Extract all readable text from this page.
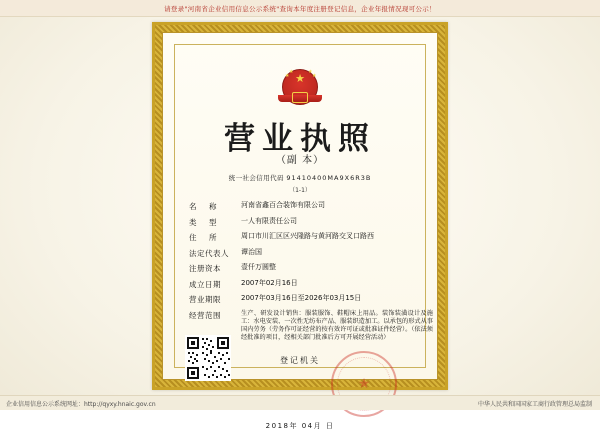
请登录"河南省企业信用信息公示系统"查询本年度注册登记信息，企业年报情况现可公示！
★
★
★	★
★
营业执照
（副 本）
统一社会信用代码 91410400MA9X6R3B
（1-1）
名　称	河南省鑫百合装饰有限公司
类　型	一人有限责任公司
住　所	周口市川汇区区兴隆路与黄河路交叉口路西
法定代表人	谭治国
注册资本	壹仟万圆整
成立日期	2007年02月16日
营业期限	2007年03月16日至2026年03月15日
经营范围	生产、研发设计销售：服装服饰、鞋帽床上用品。装饰装潢设计及施工：水电安装、一次性无纺布产品、服装织造加工。以承包的形式从事国内劳务（劳务作可证经营的按有效许可证或批准证件经营）。（依法须经批准的项目，经相关部门批准后方可开展经营活动）
登记机关
★
2018年 04月 日
企业信用信息公示系统网址：http://qyxy.hnaic.gov.cn	中华人民共和国国家工商行政管理总局监制
